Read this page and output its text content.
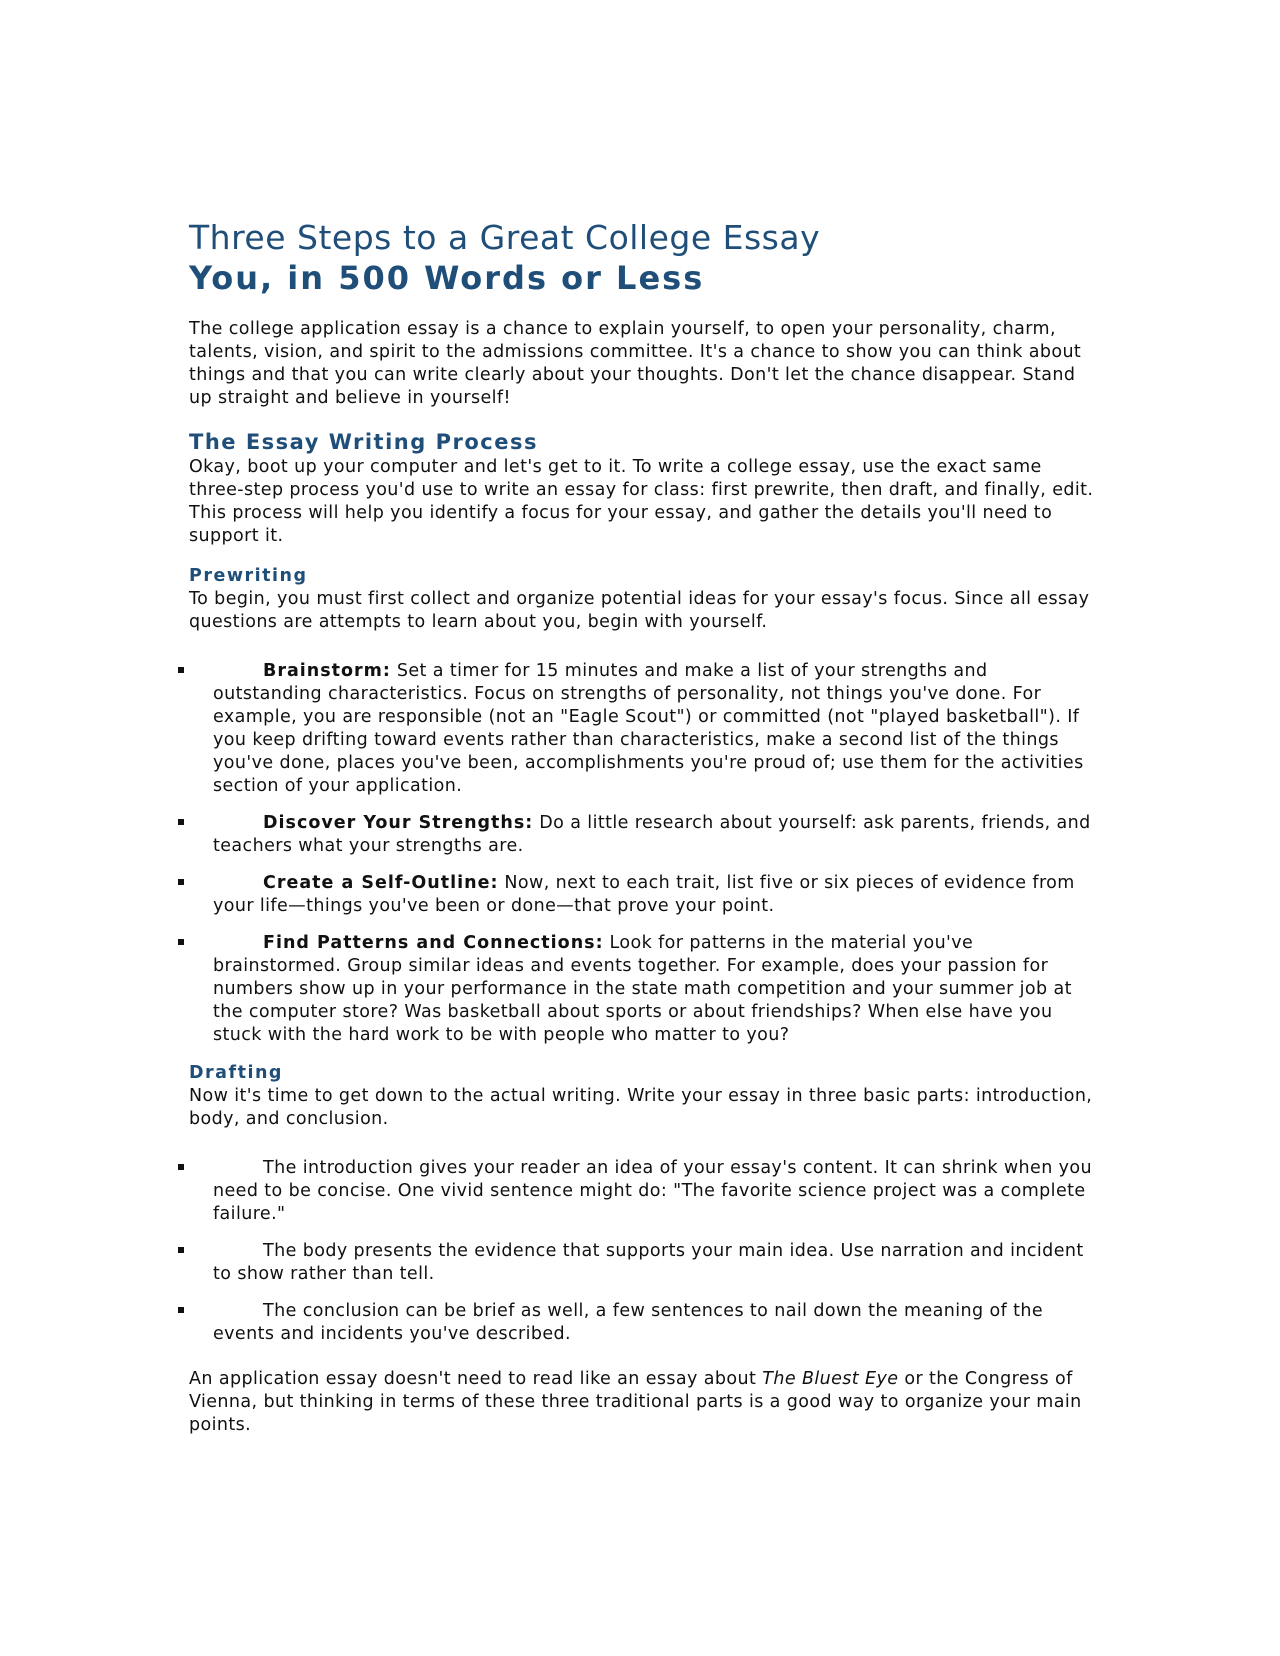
Three Steps to a Great College Essay
You, in 500 Words or Less

The college application essay is a chance to explain yourself, to open your personality, charm, talents, vision, and spirit to the admissions committee. It's a chance to show you can think about things and that you can write clearly about your thoughts. Don't let the chance disappear. Stand up straight and believe in yourself!

The Essay Writing Process

Okay, boot up your computer and let's get to it. To write a college essay, use the exact same three-step process you'd use to write an essay for class: first prewrite, then draft, and finally, edit. This process will help you identify a focus for your essay, and gather the details you'll need to support it.

Prewriting

To begin, you must first collect and organize potential ideas for your essay's focus. Since all essay questions are attempts to learn about you, begin with yourself.

Brainstorm: Set a timer for 15 minutes and make a list of your strengths and outstanding characteristics. Focus on strengths of personality, not things you've done. For example, you are responsible (not an "Eagle Scout") or committed (not "played basketball"). If you keep drifting toward events rather than characteristics, make a second list of the things you've done, places you've been, accomplishments you're proud of; use them for the activities section of your application.
Discover Your Strengths: Do a little research about yourself: ask parents, friends, and teachers what your strengths are.
Create a Self-Outline: Now, next to each trait, list five or six pieces of evidence from your life—things you've been or done—that prove your point.
Find Patterns and Connections: Look for patterns in the material you've brainstormed. Group similar ideas and events together. For example, does your passion for numbers show up in your performance in the state math competition and your summer job at the computer store? Was basketball about sports or about friendships? When else have you stuck with the hard work to be with people who matter to you?
Drafting

Now it's time to get down to the actual writing. Write your essay in three basic parts: introduction, body, and conclusion.

The introduction gives your reader an idea of your essay's content. It can shrink when you need to be concise. One vivid sentence might do: "The favorite science project was a complete failure."
The body presents the evidence that supports your main idea. Use narration and incident to show rather than tell.
The conclusion can be brief as well, a few sentences to nail down the meaning of the events and incidents you've described.

An application essay doesn't need to read like an essay about The Bluest Eye or the Congress of Vienna, but thinking in terms of these three traditional parts is a good way to organize your main points.
